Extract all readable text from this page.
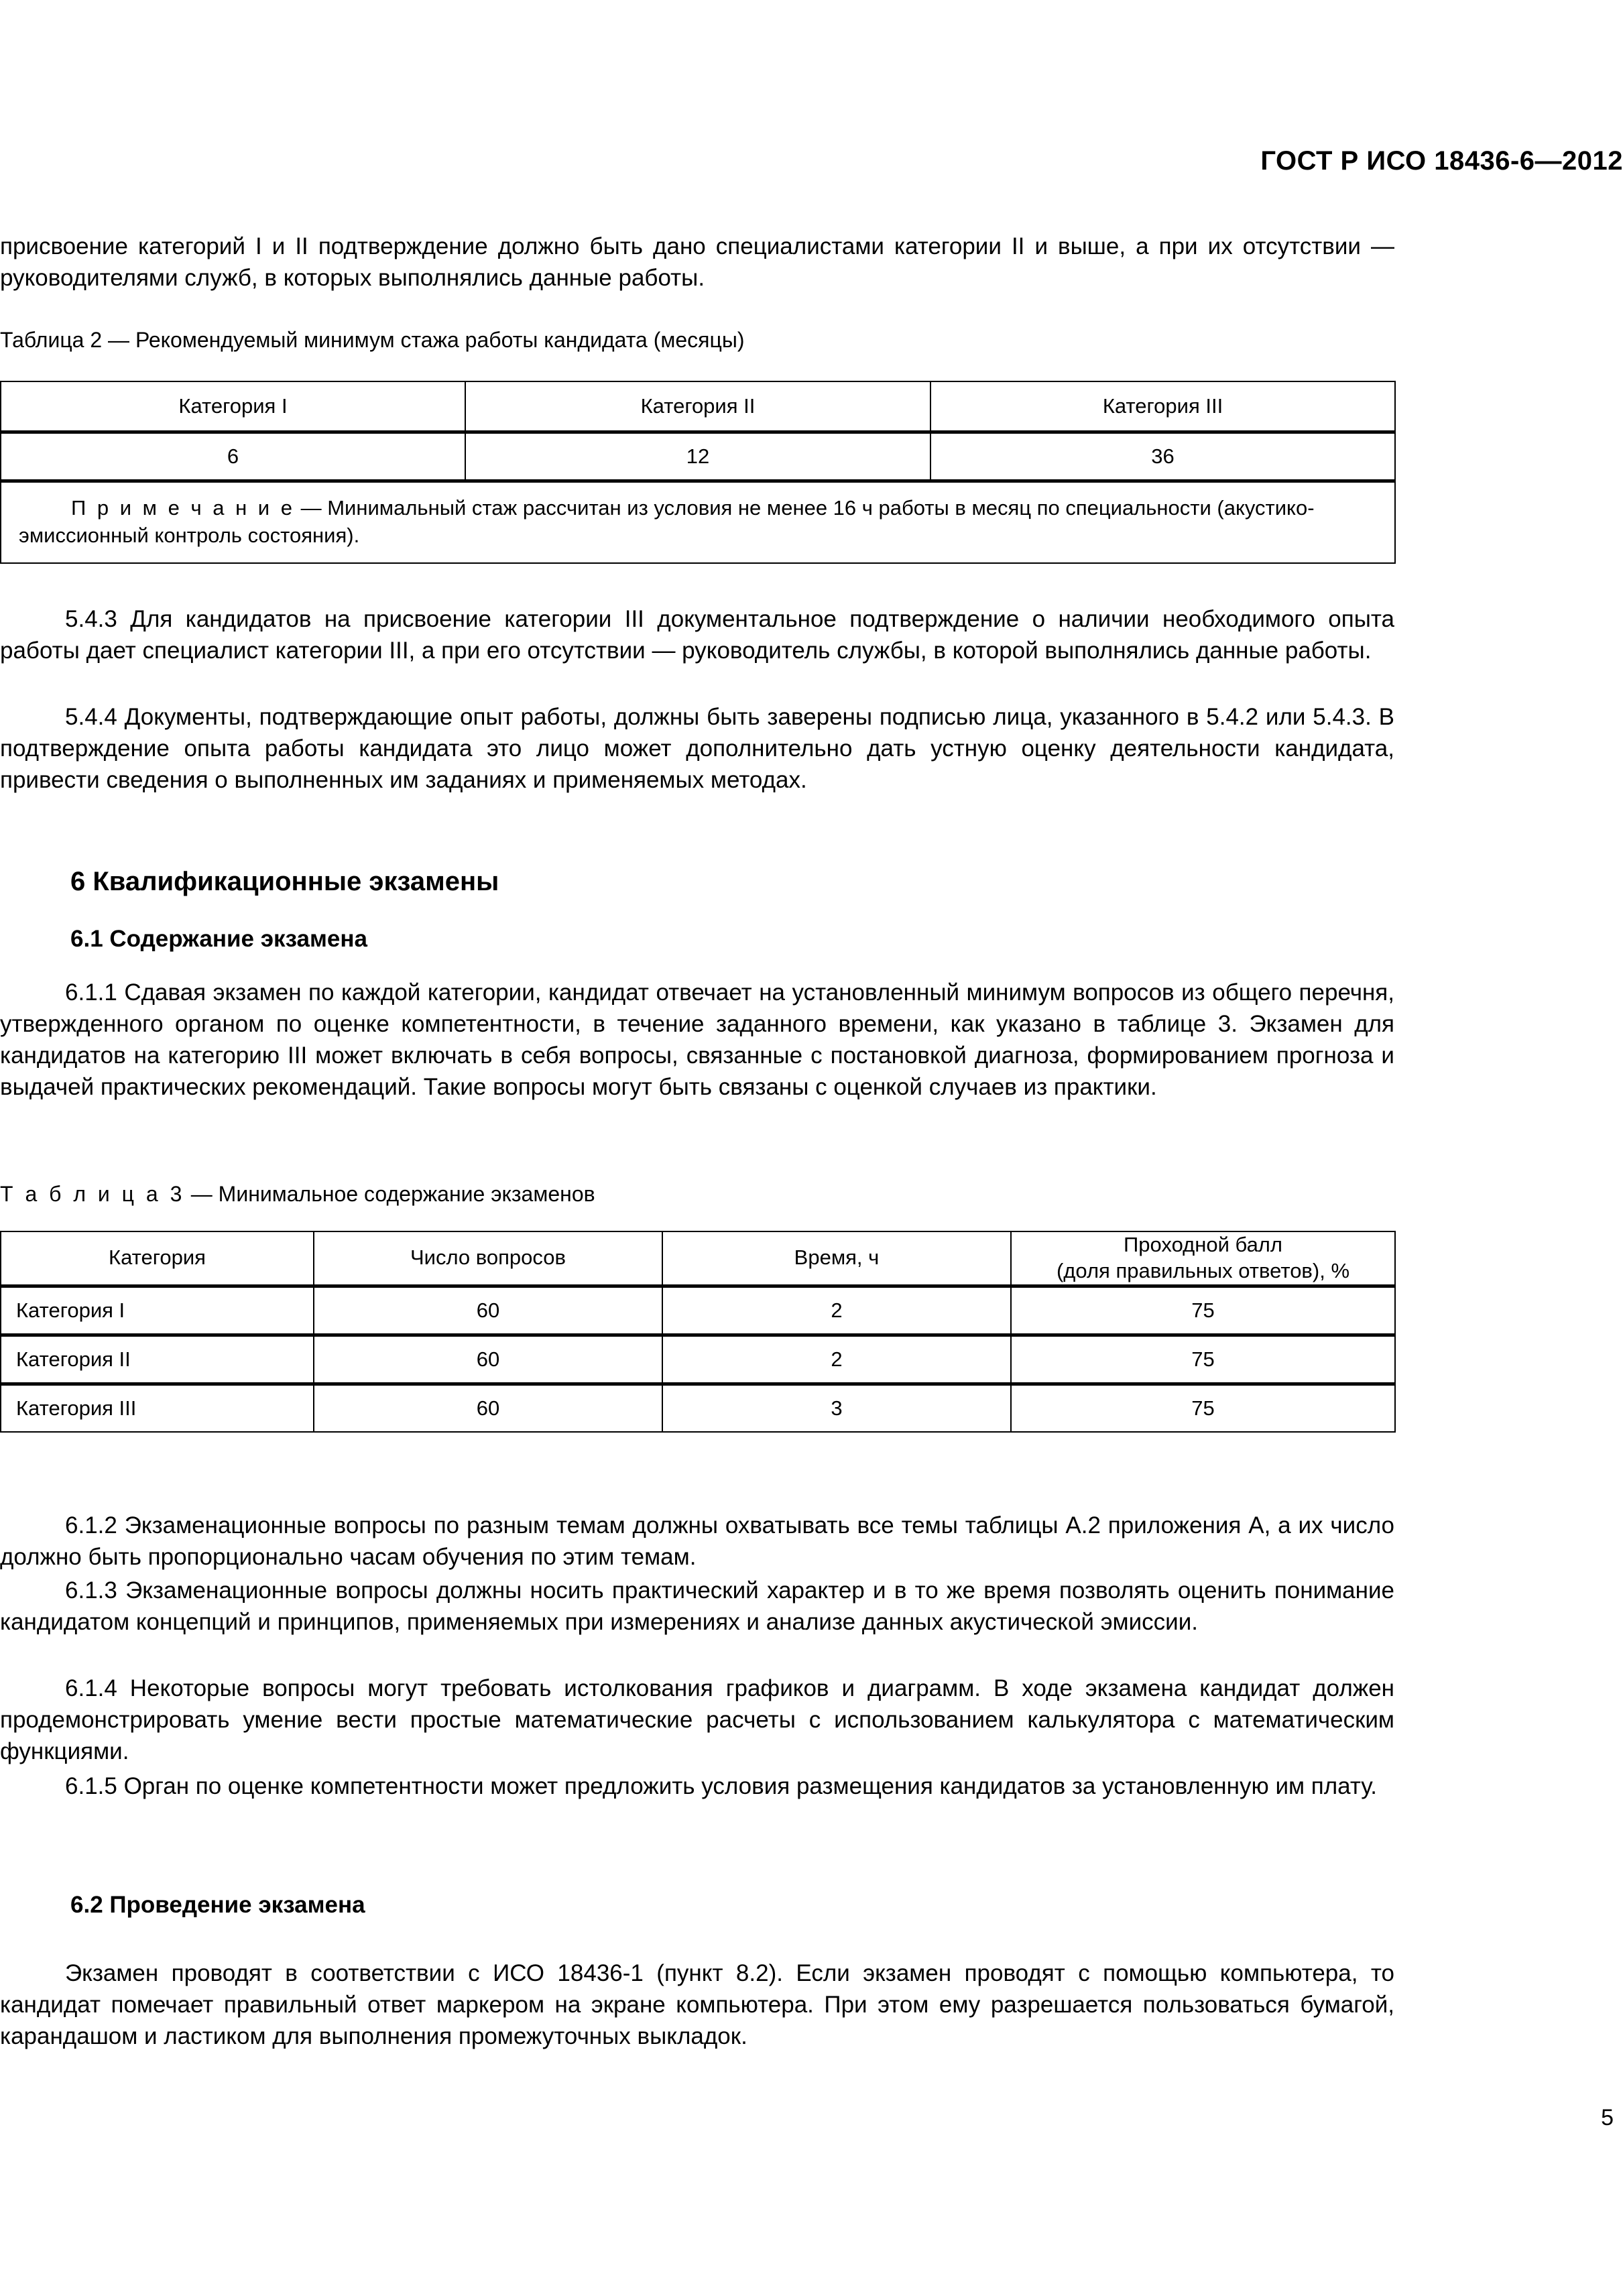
ГОСТ Р ИСО 18436-6—2012

присвоение категорий I и II подтверждение должно быть дано специалистами категории II и выше, а при их отсутствии — руководителями служб, в которых выполнялись данные работы.

Таблица 2 — Рекомендуемый минимум стажа работы кандидата (месяцы)

Категория I	Категория II	Категория III
6	12	36
П р и м е ч а н и е — Минимальный стаж рассчитан из условия не менее 16 ч работы в месяц по специальности (акустико-эмиссионный контроль состояния).		

5.4.3 Для кандидатов на присвоение категории III документальное подтверждение о наличии необходимого опыта работы дает специалист категории III, а при его отсутствии — руководитель службы, в которой выполнялись данные работы.

5.4.4 Документы, подтверждающие опыт работы, должны быть заверены подписью лица, указанного в 5.4.2 или 5.4.3. В подтверждение опыта работы кандидата это лицо может дополнительно дать устную оценку деятельности кандидата, привести сведения о выполненных им заданиях и применяемых методах.

6 Квалификационные экзамены
6.1 Содержание экзамена

6.1.1 Сдавая экзамен по каждой категории, кандидат отвечает на установленный минимум вопросов из общего перечня, утвержденного органом по оценке компетентности, в течение заданного времени, как указано в таблице 3. Экзамен для кандидатов на категорию III может включать в себя вопросы, связанные с постановкой диагноза, формированием прогноза и выдачей практических рекомендаций. Такие вопросы могут быть связаны с оценкой случаев из практики.

Т а б л и ц а 3 — Минимальное содержание экзаменов

Категория	Число вопросов	Время, ч	Проходной балл
(доля правильных ответов), %

Категория I	60	2	75
Категория II	60	2	75
Категория III	60	3	75

6.1.2 Экзаменационные вопросы по разным темам должны охватывать все темы таблицы А.2 приложения А, а их число должно быть пропорционально часам обучения по этим темам.

6.1.3 Экзаменационные вопросы должны носить практический характер и в то же время позволять оценить понимание кандидатом концепций и принципов, применяемых при измерениях и анализе данных акустической эмиссии.

6.1.4 Некоторые вопросы могут требовать истолкования графиков и диаграмм. В ходе экзамена кандидат должен продемонстрировать умение вести простые математические расчеты с использованием калькулятора с математическим функциями.

6.1.5 Орган по оценке компетентности может предложить условия размещения кандидатов за установленную им плату.

6.2 Проведение экзамена

Экзамен проводят в соответствии с ИСО 18436-1 (пункт 8.2). Если экзамен проводят с помощью компьютера, то кандидат помечает правильный ответ маркером на экране компьютера. При этом ему разрешается пользоваться бумагой, карандашом и ластиком для выполнения промежуточных выкладок.

5
